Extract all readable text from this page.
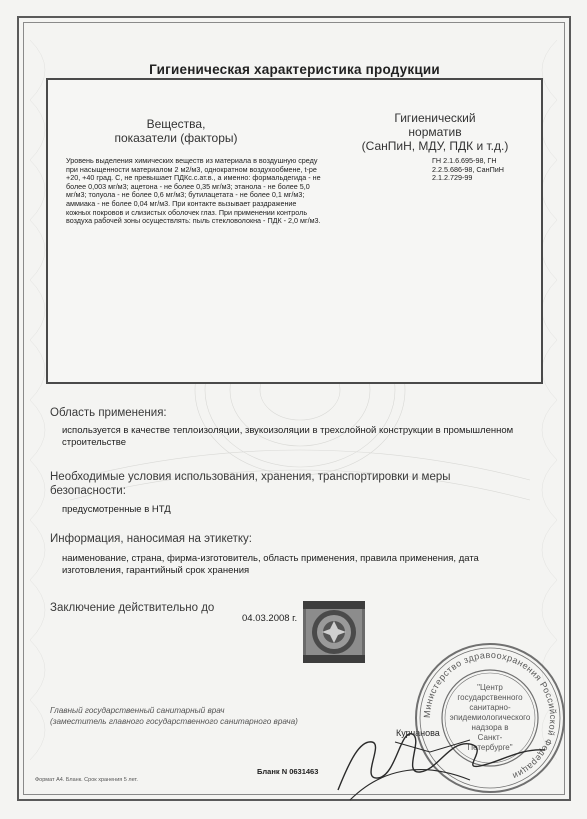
Гигиеническая характеристика продукции
Вещества,
показатели (факторы)
Гигиенический
норматив
(СанПиН, МДУ, ПДК и т.д.)
Уровень выделения химических веществ из материала в воздушную среду
при насыщенности материалом 2 м2/м3, однократном воздухообмене, t-ре
+20, +40 град. С, не превышает ПДКс.с.ат.в., а именно: формальдегида - не
более 0,003 мг/м3; ацетона - не более 0,35 мг/м3; этанола - не более 5,0
мг/м3; толуола - не более 0,6 мг/м3; бутилацетата - не более 0,1 мг/м3;
аммиака - не более 0,04 мг/м3. При контакте вызывает раздражение
кожных покровов и слизистых оболочек глаз. При применении контроль
воздуха рабочей зоны осуществлять: пыль стекловолокна - ПДК - 2,0 мг/м3.
ГН 2.1.6.695-98, ГН
2.2.5.686-98, СанПиН
2.1.2.729-99
Область применения:
используется в качестве теплоизоляции, звукоизоляции в трехслойной конструкции в промышленном
строительстве
Необходимые условия использования, хранения, транспортировки и меры
безопасности:
предусмотренные в НТД
Информация, наносимая на этикетку:
наименование, страна, фирма-изготовитель, область применения, правила применения, дата
изготовления, гарантийный срок хранения
Заключение действительно до
04.03.2008 г.
Главный государственный санитарный врач
(заместитель главного государственного санитарного врача)
Курчанова
Министерство здравоохранения Российской Федерации
"Центр
государственного
санитарно-
эпидемиологического
надзора в
Санкт-
Петербурге"
Бланк N 0631463
Формат А4. Бланк. Срок хранения 5 лет.
